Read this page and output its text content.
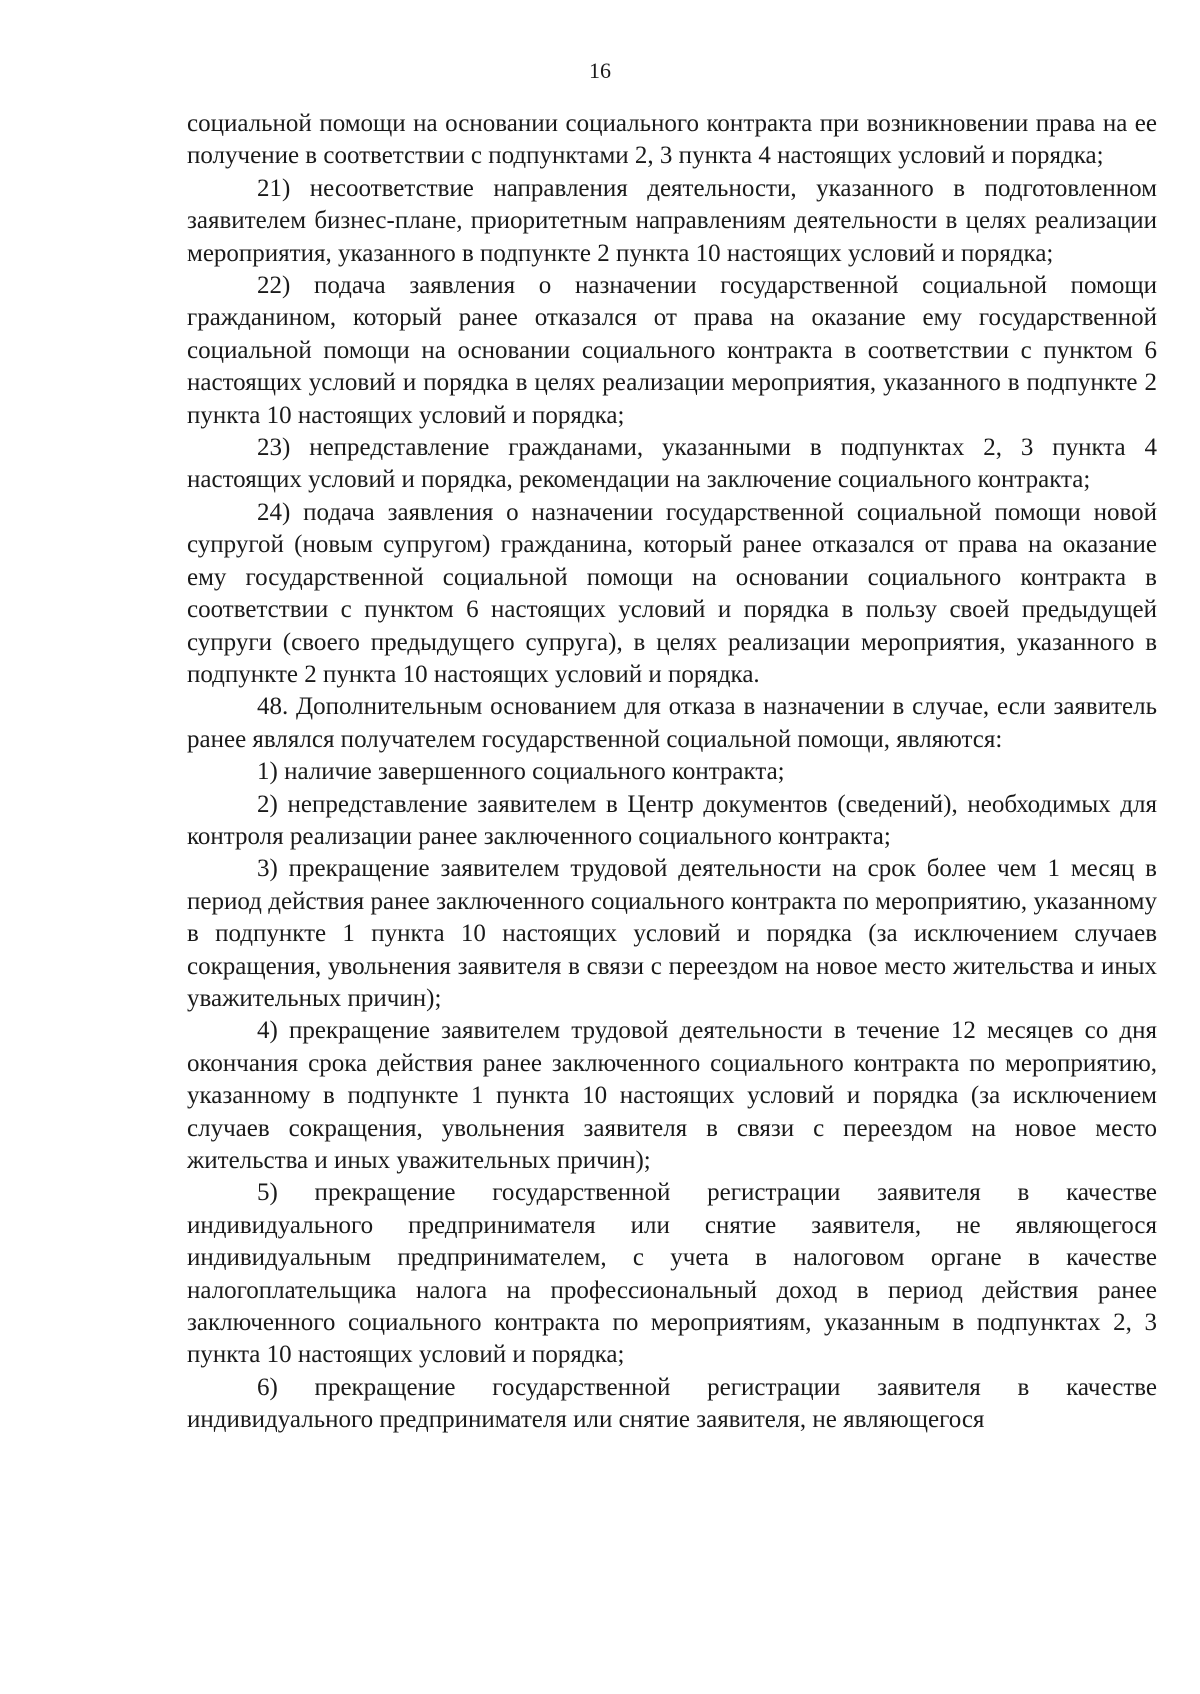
16

социальной помощи на основании социального контракта при возникновении права на ее получение в соответствии с подпунктами 2, 3 пункта 4 настоящих условий и порядка;

21) несоответствие направления деятельности, указанного в подготовленном заявителем бизнес-плане, приоритетным направлениям деятельности в целях реализации мероприятия, указанного в подпункте 2 пункта 10 настоящих условий и порядка;

22) подача заявления о назначении государственной социальной помощи гражданином, который ранее отказался от права на оказание ему государственной социальной помощи на основании социального контракта в соответствии с пунктом 6 настоящих условий и порядка в целях реализации мероприятия, указанного в подпункте 2 пункта 10 настоящих условий и порядка;

23) непредставление гражданами, указанными в подпунктах 2, 3 пункта 4 настоящих условий и порядка, рекомендации на заключение социального контракта;

24) подача заявления о назначении государственной социальной помощи новой супругой (новым супругом) гражданина, который ранее отказался от права на оказание ему государственной социальной помощи на основании социального контракта в соответствии с пунктом 6 настоящих условий и порядка в пользу своей предыдущей супруги (своего предыдущего супруга), в целях реализации мероприятия, указанного в подпункте 2 пункта 10 настоящих условий и порядка.

48. Дополнительным основанием для отказа в назначении в случае, если заявитель ранее являлся получателем государственной социальной помощи, являются:

1) наличие завершенного социального контракта;

2) непредставление заявителем в Центр документов (сведений), необходимых для контроля реализации ранее заключенного социального контракта;

3) прекращение заявителем трудовой деятельности на срок более чем 1 месяц в период действия ранее заключенного социального контракта по мероприятию, указанному в подпункте 1 пункта 10 настоящих условий и порядка (за исключением случаев сокращения, увольнения заявителя в связи с переездом на новое место жительства и иных уважительных причин);

4) прекращение заявителем трудовой деятельности в течение 12 месяцев со дня окончания срока действия ранее заключенного социального контракта по мероприятию, указанному в подпункте 1 пункта 10 настоящих условий и порядка (за исключением случаев сокращения, увольнения заявителя в связи с переездом на новое место жительства и иных уважительных причин);

5) прекращение государственной регистрации заявителя в качестве индивидуального предпринимателя или снятие заявителя, не являющегося индивидуальным предпринимателем, с учета в налоговом органе в качестве налогоплательщика налога на профессиональный доход в период действия ранее заключенного социального контракта по мероприятиям, указанным в подпунктах 2, 3 пункта 10 настоящих условий и порядка;

6) прекращение государственной регистрации заявителя в качестве индивидуального предпринимателя или снятие заявителя, не являющегося
